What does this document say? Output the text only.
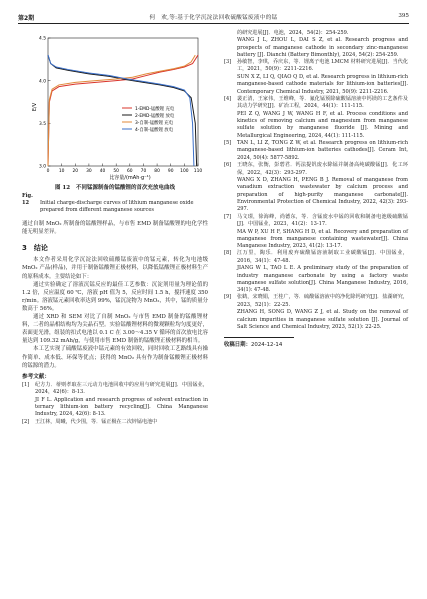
第2期	何　欢,等:基于化学沉淀法回收硫酸锰废液中的锰	395
0 10 20 30 40 50 60 70 80 90 100 110
3.0
3.5
4.0
4.5
1-EMD-锰酸锂 充电
2-EMD-锰酸锂 放电
3-自制-锰酸锂 充电
4-自制-锰酸锂 放电
E/V
比容量/(mAh·g⁻¹)
图 12 不同锰源制备的锰酸锂的首次充放电曲线
Fig. 12 Initial charge-discharge curves of lithium manganese oxide prepared from different manganese sources

通过自制 MnO₂ 所制备的锰酸锂样品，与市售 EMD 制备锰酸锂的电化学性能无明显差异。

3　结论

本文作者采用化学沉淀法回收硫酸锰废液中的锰元素，转化为电池级 MnO₂ 产品(样品)，并用于制备锰酸锂正极材料，以降低锰酸锂正极材料生产的原料成本。主要结论如下：

通过实验确定了溶液沉锰反应的最佳工艺参数：沉淀剂用量为理论值的 1.2 倍，反应温度 60 ℃，溶液 pH 值为 5，反应时间 1.5 h，搅拌速度 350 r/min。溶液锰元素回收率达到 99%，锰沉淀物为 MnO₂，其中，锰的质量分数高于 56%。

通过 XRD 和 SEM 对比了自制 MnO₂ 与市售 EMD 制备的锰酸锂材料，二者的晶相结构均为尖晶石型。实验锰酸锂材料的微观颗粒均匀度更好，表面更光滑，组装的扣式电池以 0.1 C 在 3.00～4.35 V 循环的首次放电比容量达到 109.32 mAh/g，与使用市售 EMD 制备的锰酸锂正极材料的相当。

本工艺实现了硫酸锰废液中锰元素的有效回收，同时回收工艺路线具有操作简单、成本低、环保等优点；获得的 MnO₂ 具有作为制备锰酸锂正极材料的锰源的潜力。

参考文献：
[1]	纪方力．蒂则孝取在三元动力电池回收中的应用与研究进展[J]．中国锰业，2024，42(6)：8-13.
JI F L. Application and research progress of solvent extraction in ternary lithium-ion battery recycling[J]. China Manganese Industry, 2024, 42(6): 8-13.
[2]	王江林，周曦，代少围，等．锰正极在二次锌锰电池中
的研究进展[J]．电池，2024，54(2)：254-259.
WANG J L, ZHOU L, DAI S Z, et al. Research progress and prospects of manganese cathode in secondary zinc-manganese battery [J]. Dianchi (Battery Bimonthly), 2024, 54(2): 254-259.
[3]	孙敏智，李琪，乔庆东，等．锂离子电池 LMCM 材料研究进展[J]．当代化工，2021，50(9)：2211-2216.
SUN X Z, LI Q, QIAO Q D, et al. Research progress in lithium-rich manganese-based cathode materials for lithium-ion batteries[J]. Contemporary Chemical Industry, 2021, 50(9): 2211-2216.
[4]	裴正清，王家伟，王维峰，等．氟化锰预除硫酸锰溶液中钙镁的工艺条件及其动力学研究[J]．矿冶工程，2024，44(1)：111-115.
PEI Z Q, WANG J W, WANG H F, et al. Process conditions and kinetics of removing calcium and magnesium from manganese sulfate solution by manganese fluoride [J]. Mining and Metallurgical Engineering, 2024, 44(1): 111-115.
[5]	TAN L, LI Z, TONG Z W, et al. Research progress on lithium-rich manganese-based lithium-ion batteries cathodes[J]. Ceram Int, 2024, 50(4): 5877-5892.
[6]	王晓东，张衡，彭碧君．钙法提钒废水除锰并制备高纯碳酸锰[J]．化工环保，2022，42(3)：293-297.
WANG X D, ZHANG H, PENG B J. Removal of manganese from vanadium extraction wastewater by calcium process and preparation of high-purity manganese carbonate[J]. Environmental Protection of Chemical Industry, 2022, 42(3): 293-297.
[7]	马文璟，徐海峰，尚德东，等．含锰废水中锰的回收和制备电池级硫酸锰[J]．中国锰业，2023，41(2)：13-17.
MA W P, XU H F, SHANG H D, et al. Recovery and preparation of manganese from manganese containing wastewater[J]. China Manganese Industry, 2023, 41(2): 13-17.
[8]	江万里，陶乐．利用废弃硫酸锰溶液制取工业碳酸锰[J]．中国锰业，2016，34(1)：47-48.
JIANG W L, TAO L E. A preliminary study of the preparation of industry manganese carbonate by using a factory waste manganese sulfate solution[J]. China Manganese Industry, 2016, 34(1): 47-48.
[9]	张鹤，宋晓娟，王桂广，等．硫酸锰溶液中的净化除钙研究[J]．盐湖研究，2023，52(1)：22-25.
ZHANG H, SONG D, WANG Z J, et al. Study on the removal of calcium impurities in manganese sulfate solution [J]. Journal of Salt Science and Chemical Industry, 2023, 52(1): 22-25.
收稿日期：2024-12-14
